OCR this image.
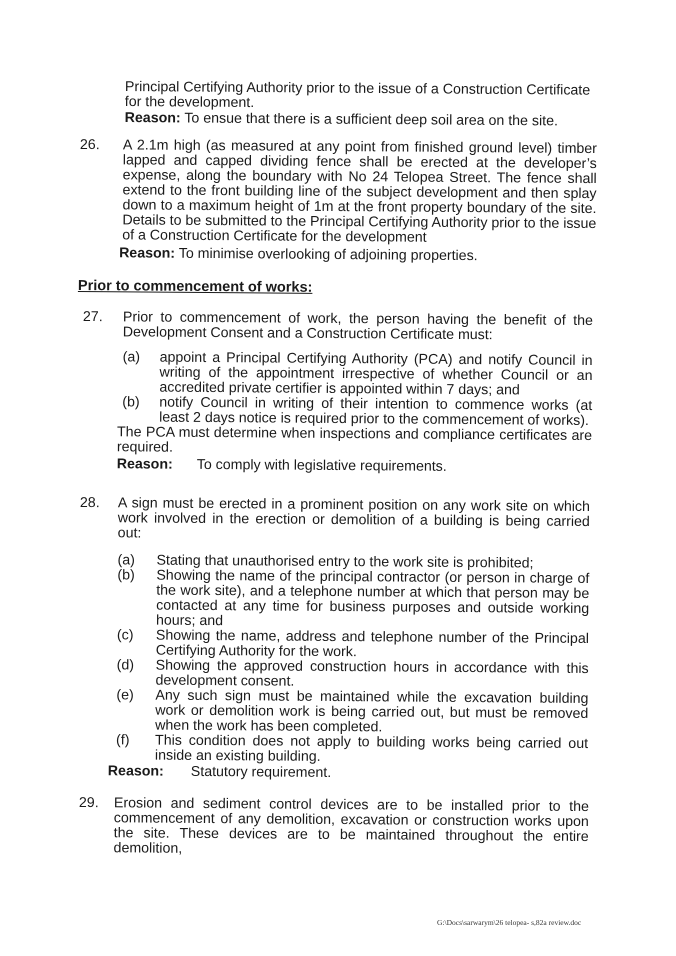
Principal Certifying Authority prior to the issue of a Construction Certificate for the development.

Reason: To ensue that there is a sufficient deep soil area on the site.

26. A 2.1m high (as measured at any point from finished ground level) timber lapped and capped dividing fence shall be erected at the developer’s expense, along the boundary with No 24 Telopea Street. The fence shall extend to the front building line of the subject development and then splay down to a maximum height of 1m at the front property boundary of the site. Details to be submitted to the Principal Certifying Authority prior to the issue of a Construction Certificate for the development

Reason: To minimise overlooking of adjoining properties.

Prior to commencement of works:

27. Prior to commencement of work, the person having the benefit of the Development Consent and a Construction Certificate must:

(a) appoint a Principal Certifying Authority (PCA) and notify Council in writing of the appointment irrespective of whether Council or an accredited private certifier is appointed within 7 days; and

(b) notify Council in writing of their intention to commence works (at least 2 days notice is required prior to the commencement of works).

The PCA must determine when inspections and compliance certificates are required.

Reason: To comply with legislative requirements.

28. A sign must be erected in a prominent position on any work site on which work involved in the erection or demolition of a building is being carried out:

(a) Stating that unauthorised entry to the work site is prohibited;

(b) Showing the name of the principal contractor (or person in charge of the work site), and a telephone number at which that person may be contacted at any time for business purposes and outside working hours; and

(c) Showing the name, address and telephone number of the Principal Certifying Authority for the work.

(d) Showing the approved construction hours in accordance with this development consent.

(e) Any such sign must be maintained while the excavation building work or demolition work is being carried out, but must be removed when the work has been completed.

(f) This condition does not apply to building works being carried out inside an existing building.

Reason: Statutory requirement.

29. Erosion and sediment control devices are to be installed prior to the commencement of any demolition, excavation or construction works upon the site. These devices are to be maintained throughout the entire demolition,

G:\Docs\sarwarym\26 telopea- s,82a review.doc
